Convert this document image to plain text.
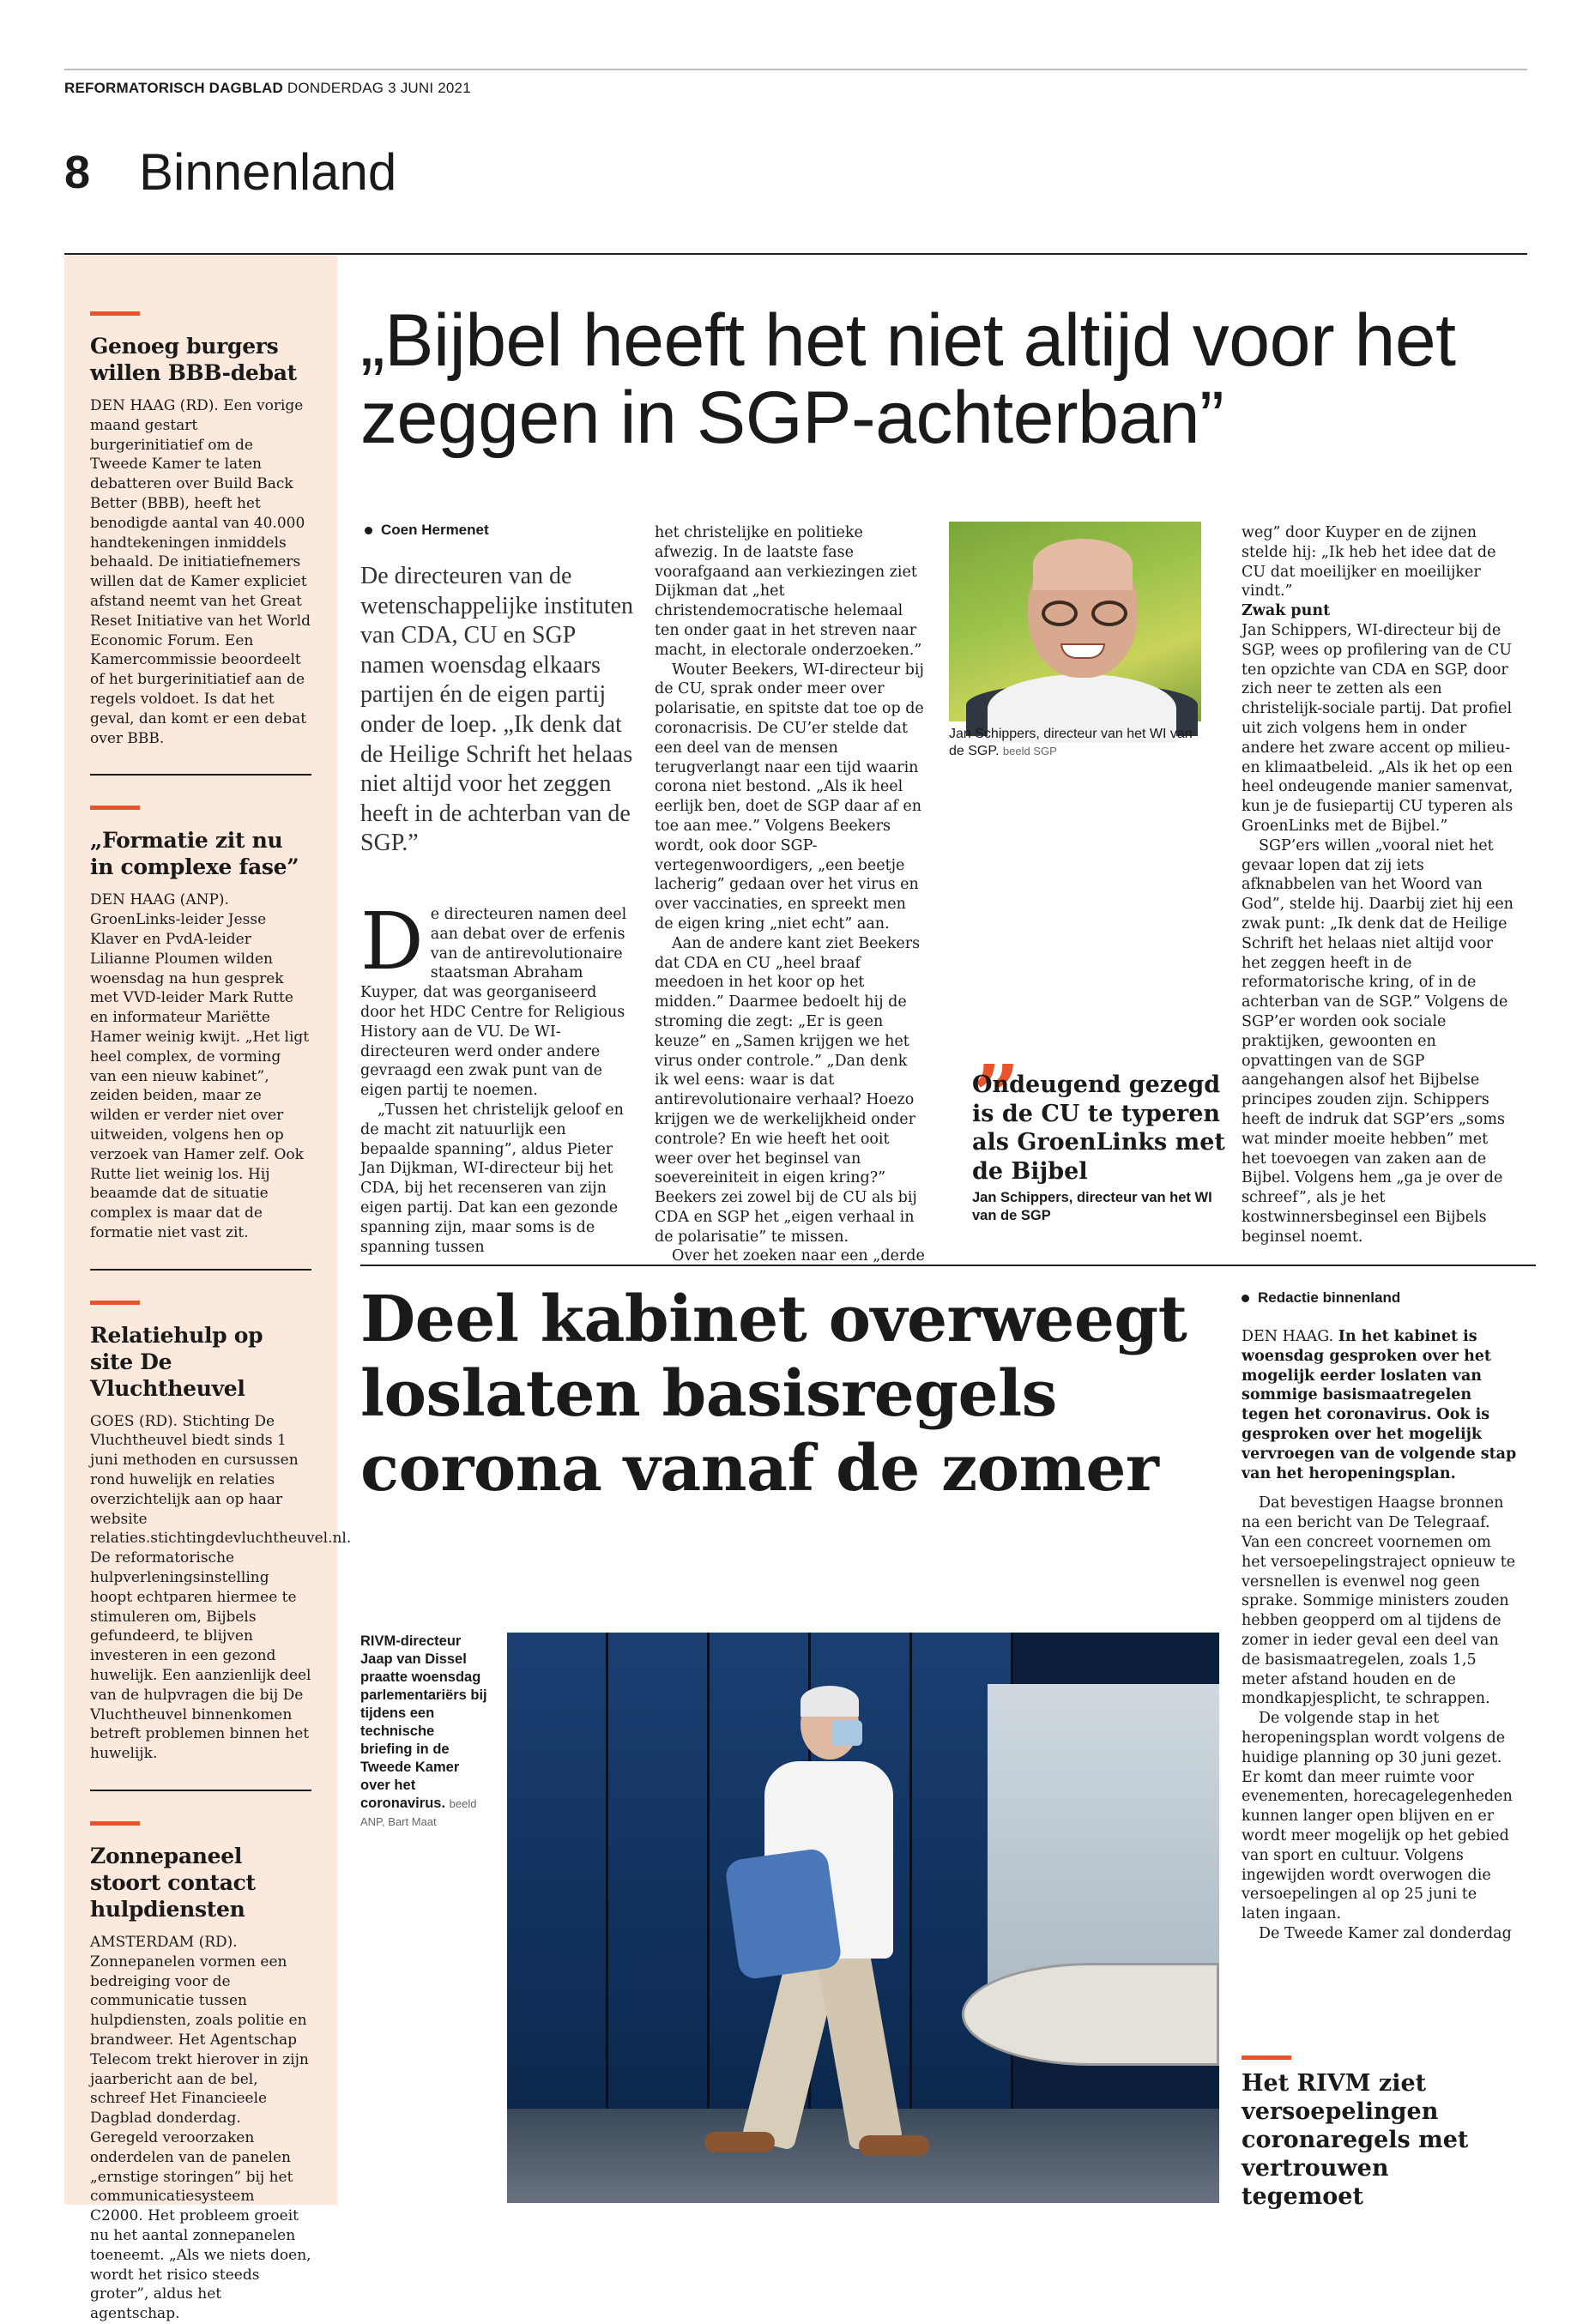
REFORMATORISCH DAGBLAD DONDERDAG 3 JUNI 2021
8 Binnenland
Genoeg burgers willen BBB-debat
DEN HAAG (RD). Een vorige maand gestart burgerinitiatief om de Tweede Kamer te laten debatteren over Build Back Better (BBB), heeft het benodigde aantal van 40.000 handtekeningen inmiddels behaald. De initiatiefnemers willen dat de Kamer expliciet afstand neemt van het Great Reset Initiative van het World Economic Forum. Een Kamercommissie beoordeelt of het burgerinitiatief aan de regels voldoet. Is dat het geval, dan komt er een debat over BBB.
„Formatie zit nu in complexe fase”
DEN HAAG (ANP). GroenLinks-leider Jesse Klaver en PvdA-leider Lilianne Ploumen wilden woensdag na hun gesprek met VVD-leider Mark Rutte en informateur Mariëtte Hamer weinig kwijt. „Het ligt heel complex, de vorming van een nieuw kabinet”, zeiden beiden, maar ze wilden er verder niet over uitweiden, volgens hen op verzoek van Hamer zelf. Ook Rutte liet weinig los. Hij beaamde dat de situatie complex is maar dat de formatie niet vast zit.
Relatiehulp op site De Vluchtheuvel
GOES (RD). Stichting De Vluchtheuvel biedt sinds 1 juni methoden en cursussen rond huwelijk en relaties overzichtelijk aan op haar website relaties.stichtingdevluchtheuvel.nl. De reformatorische hulpverleningsinstelling hoopt echtparen hiermee te stimuleren om, Bijbels gefundeerd, te blijven investeren in een gezond huwelijk. Een aanzienlijk deel van de hulpvragen die bij De Vluchtheuvel binnenkomen betreft problemen binnen het huwelijk.
Zonnepaneel stoort contact hulpdiensten
AMSTERDAM (RD). Zonnepanelen vormen een bedreiging voor de communicatie tussen hulpdiensten, zoals politie en brandweer. Het Agentschap Telecom trekt hierover in zijn jaarbericht aan de bel, schreef Het Financieele Dagblad donderdag. Geregeld veroorzaken onderdelen van de panelen „ernstige storingen” bij het communicatiesysteem C2000. Het probleem groeit nu het aantal zonnepanelen toeneemt. „Als we niets doen, wordt het risico steeds groter”, aldus het agentschap.
„Bijbel heeft het niet altijd voor het zeggen in SGP-achterban”
Coen Hermenet
De directeuren van de wetenschappelijke instituten van CDA, CU en SGP namen woensdag elkaars partijen én de eigen partij onder de loep. „Ik denk dat de Heilige Schrift het helaas niet altijd voor het zeggen heeft in de achterban van de SGP.”
D e directeuren namen deel aan debat over de erfenis van de antirevolutionaire staatsman Abraham Kuyper, dat was georganiseerd door het HDC Centre for Religious History aan de VU. De WI-directeuren werd onder andere gevraagd een zwak punt van de eigen partij te noemen.

„Tussen het christelijk geloof en de macht zit natuurlijk een bepaalde spanning”, aldus Pieter Jan Dijkman, WI-directeur bij het CDA, bij het recenseren van zijn eigen partij. Dat kan een gezonde spanning zijn, maar soms is de spanning tussen

het christelijke en politieke afwezig. In de laatste fase voorafgaand aan verkiezingen ziet Dijkman dat „het christendemocratische helemaal ten onder gaat in het streven naar macht, in electorale onderzoeken.”

Wouter Beekers, WI-directeur bij de CU, sprak onder meer over polarisatie, en spitste dat toe op de coronacrisis. De CU’er stelde dat een deel van de mensen terugverlangt naar een tijd waarin corona niet bestond. „Als ik heel eerlijk ben, doet de SGP daar af en toe aan mee.” Volgens Beekers wordt, ook door SGP-vertegenwoordigers, „een beetje lacherig” gedaan over het virus en over vaccinaties, en spreekt men de eigen kring „niet echt” aan.

Aan de andere kant ziet Beekers dat CDA en CU „heel braaf meedoen in het koor op het midden.” Daarmee bedoelt hij de stroming die zegt: „Er is geen keuze” en „Samen krijgen we het virus onder controle.” „Dan denk ik wel eens: waar is dat antirevolutionaire verhaal? Hoezo krijgen we de werkelijkheid onder controle? En wie heeft het ooit weer over het beginsel van soevereiniteit in eigen kring?” Beekers zei zowel bij de CU als bij CDA en SGP het „eigen verhaal in de polarisatie” te missen.

Over het zoeken naar een „derde

Jan Schippers, directeur van het WI van de SGP. beeld SGP
„
Ondeugend gezegd is de CU te typeren als GroenLinks met de Bijbel
Jan Schippers, directeur van het WI van de SGP

weg” door Kuyper en de zijnen stelde hij: „Ik heb het idee dat de CU dat moeilijker en moeilijker vindt.”

Zwak punt

Jan Schippers, WI-directeur bij de SGP, wees op profilering van de CU ten opzichte van CDA en SGP, door zich neer te zetten als een christelijk-sociale partij. Dat profiel uit zich volgens hem in onder andere het zware accent op milieu- en klimaatbeleid. „Als ik het op een heel ondeugende manier samenvat, kun je de fusiepartij CU typeren als GroenLinks met de Bijbel.”

SGP’ers willen „vooral niet het gevaar lopen dat zij iets afknabbelen van het Woord van God”, stelde hij. Daarbij ziet hij een zwak punt: „Ik denk dat de Heilige Schrift het helaas niet altijd voor het zeggen heeft in de reformatorische kring, of in de achterban van de SGP.” Volgens de SGP’er worden ook sociale praktijken, gewoonten en opvattingen van de SGP aangehangen alsof het Bijbelse principes zouden zijn. Schippers heeft de indruk dat SGP’ers „soms wat minder moeite hebben” met het toevoegen van zaken aan de Bijbel. Volgens hem „ga je over de schreef”, als je het kostwinnersbeginsel een Bijbels beginsel noemt.

Deel kabinet overweegt loslaten basisregels corona vanaf de zomer
Redactie binnenland

DEN HAAG. In het kabinet is woensdag gesproken over het mogelijk eerder loslaten van sommige basismaatregelen tegen het coronavirus. Ook is gesproken over het mogelijk vervroegen van de volgende stap van het heropeningsplan.

Dat bevestigen Haagse bronnen na een bericht van De Telegraaf. Van een concreet voornemen om het versoepelingstraject opnieuw te versnellen is evenwel nog geen sprake. Sommige ministers zouden hebben geopperd om al tijdens de zomer in ieder geval een deel van de basismaatregelen, zoals 1,5 meter afstand houden en de mondkapjesplicht, te schrappen.

De volgende stap in het heropeningsplan wordt volgens de huidige planning op 30 juni gezet. Er komt dan meer ruimte voor evenementen, horecagelegenheden kunnen langer open blijven en er wordt meer mogelijk op het gebied van sport en cultuur. Volgens ingewijden wordt overwogen die versoepelingen al op 25 juni te laten ingaan.

De Tweede Kamer zal donderdag

RIVM-directeur Jaap van Dissel praatte woensdag parlementariërs bij tijdens een technische briefing in de Tweede Kamer over het coronavirus. beeld ANP, Bart Maat
Het RIVM ziet versoepelingen coronaregels met vertrouwen tegemoet
